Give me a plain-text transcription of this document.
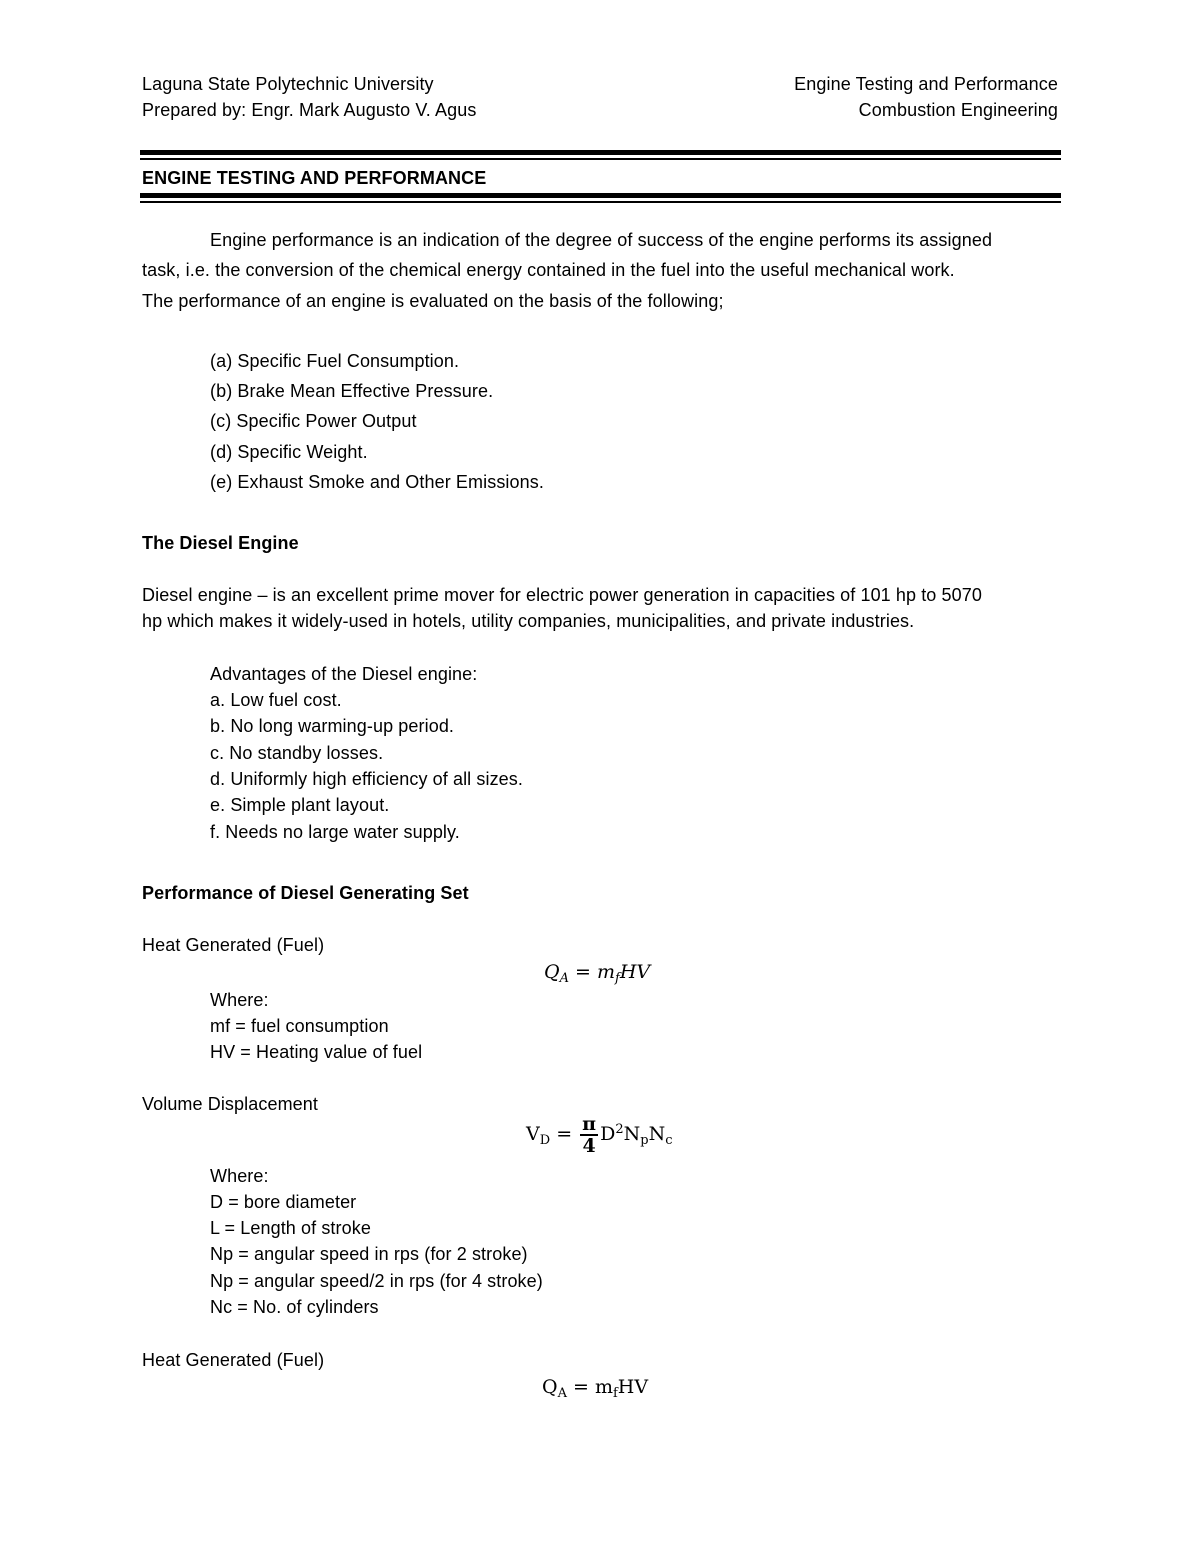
Laguna State Polytechnic University
Prepared by: Engr. Mark Augusto V. Agus
Engine Testing and Performance
Combustion Engineering
ENGINE TESTING AND PERFORMANCE
Engine performance is an indication of the degree of success of the engine performs its assigned
task, i.e. the conversion of the chemical energy contained in the fuel into the useful mechanical work.
The performance of an engine is evaluated on the basis of the following;
(a) Specific Fuel Consumption.
(b) Brake Mean Effective Pressure.
(c) Specific Power Output
(d) Specific Weight.
(e) Exhaust Smoke and Other Emissions.
The Diesel Engine
Diesel engine – is an excellent prime mover for electric power generation in capacities of 101 hp to 5070
hp which makes it widely-used in hotels, utility companies, municipalities, and private industries.
Advantages of the Diesel engine:
a. Low fuel cost.
b. No long warming-up period.
c. No standby losses.
d. Uniformly high efficiency of all sizes.
e. Simple plant layout.
f. Needs no large water supply.
Performance of Diesel Generating Set
Heat Generated (Fuel)
$Q_A = m_fHV$
Where:
mf = fuel consumption
HV = Heating value of fuel
Volume Displacement
$V_D = \frac{\pi}{4} D^2N_pN_c$
Where:
D = bore diameter
L = Length of stroke
Np = angular speed in rps (for 2 stroke)
Np = angular speed/2 in rps (for 4 stroke)
Nc = No. of cylinders
Heat Generated (Fuel)
$Q_A = m_fHV$
